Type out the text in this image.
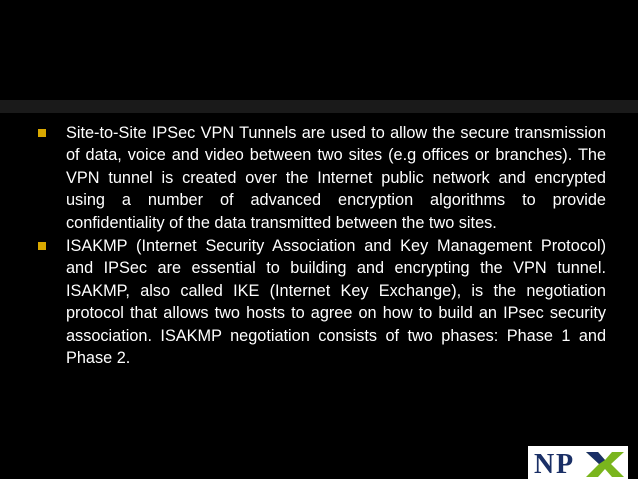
Site-to-Site IPSec VPN Tunnels are used to allow the secure transmission of data, voice and video between two sites (e.g offices or branches). The VPN tunnel is created over the Internet public network and encrypted using a number of advanced encryption algorithms to provide confidentiality of the data transmitted between the two sites.

ISAKMP (Internet Security Association and Key Management Protocol) and IPSec are essential to building and encrypting the VPN tunnel. ISAKMP, also called IKE (Internet Key Exchange), is the negotiation protocol that allows two hosts to agree on how to build an IPsec security association. ISAKMP negotiation consists of two phases: Phase 1 and Phase 2.

N P
